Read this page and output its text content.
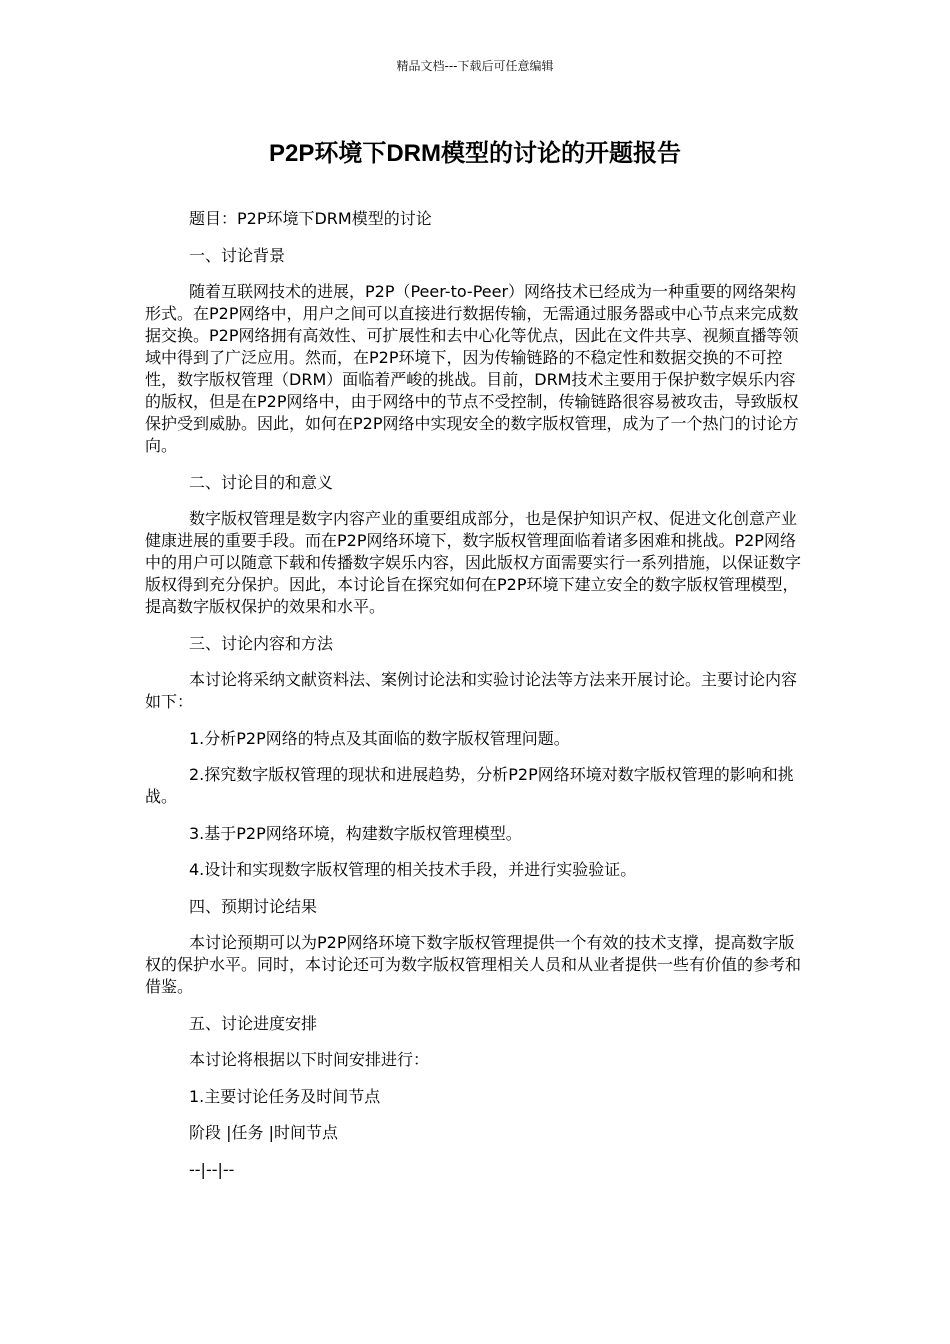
精品文档---下载后可任意编辑
P2P环境下DRM模型的讨论的开题报告

题目：P2P环境下DRM模型的讨论

一、讨论背景

随着互联网技术的进展，P2P（Peer-to-Peer）网络技术已经成为一种重要的网络架构形式。在P2P网络中，用户之间可以直接进行数据传输，无需通过服务器或中心节点来完成数据交换。P2P网络拥有高效性、可扩展性和去中心化等优点，因此在文件共享、视频直播等领域中得到了广泛应用。然而，在P2P环境下，因为传输链路的不稳定性和数据交换的不可控性，数字版权管理（DRM）面临着严峻的挑战。目前，DRM技术主要用于保护数字娱乐内容的版权，但是在P2P网络中，由于网络中的节点不受控制，传输链路很容易被攻击，导致版权保护受到威胁。因此，如何在P2P网络中实现安全的数字版权管理，成为了一个热门的讨论方向。

二、讨论目的和意义

数字版权管理是数字内容产业的重要组成部分，也是保护知识产权、促进文化创意产业健康进展的重要手段。而在P2P网络环境下，数字版权管理面临着诸多困难和挑战。P2P网络中的用户可以随意下载和传播数字娱乐内容，因此版权方面需要实行一系列措施，以保证数字版权得到充分保护。因此，本讨论旨在探究如何在P2P环境下建立安全的数字版权管理模型，提高数字版权保护的效果和水平。

三、讨论内容和方法

本讨论将采纳文献资料法、案例讨论法和实验讨论法等方法来开展讨论。主要讨论内容如下：

1.分析P2P网络的特点及其面临的数字版权管理问题。

2.探究数字版权管理的现状和进展趋势，分析P2P网络环境对数字版权管理的影响和挑战。

3.基于P2P网络环境，构建数字版权管理模型。

4.设计和实现数字版权管理的相关技术手段，并进行实验验证。

四、预期讨论结果

本讨论预期可以为P2P网络环境下数字版权管理提供一个有效的技术支撑，提高数字版权的保护水平。同时，本讨论还可为数字版权管理相关人员和从业者提供一些有价值的参考和借鉴。

五、讨论进度安排

本讨论将根据以下时间安排进行：

1.主要讨论任务及时间节点

阶段 |任务 |时间节点

--|--|--
